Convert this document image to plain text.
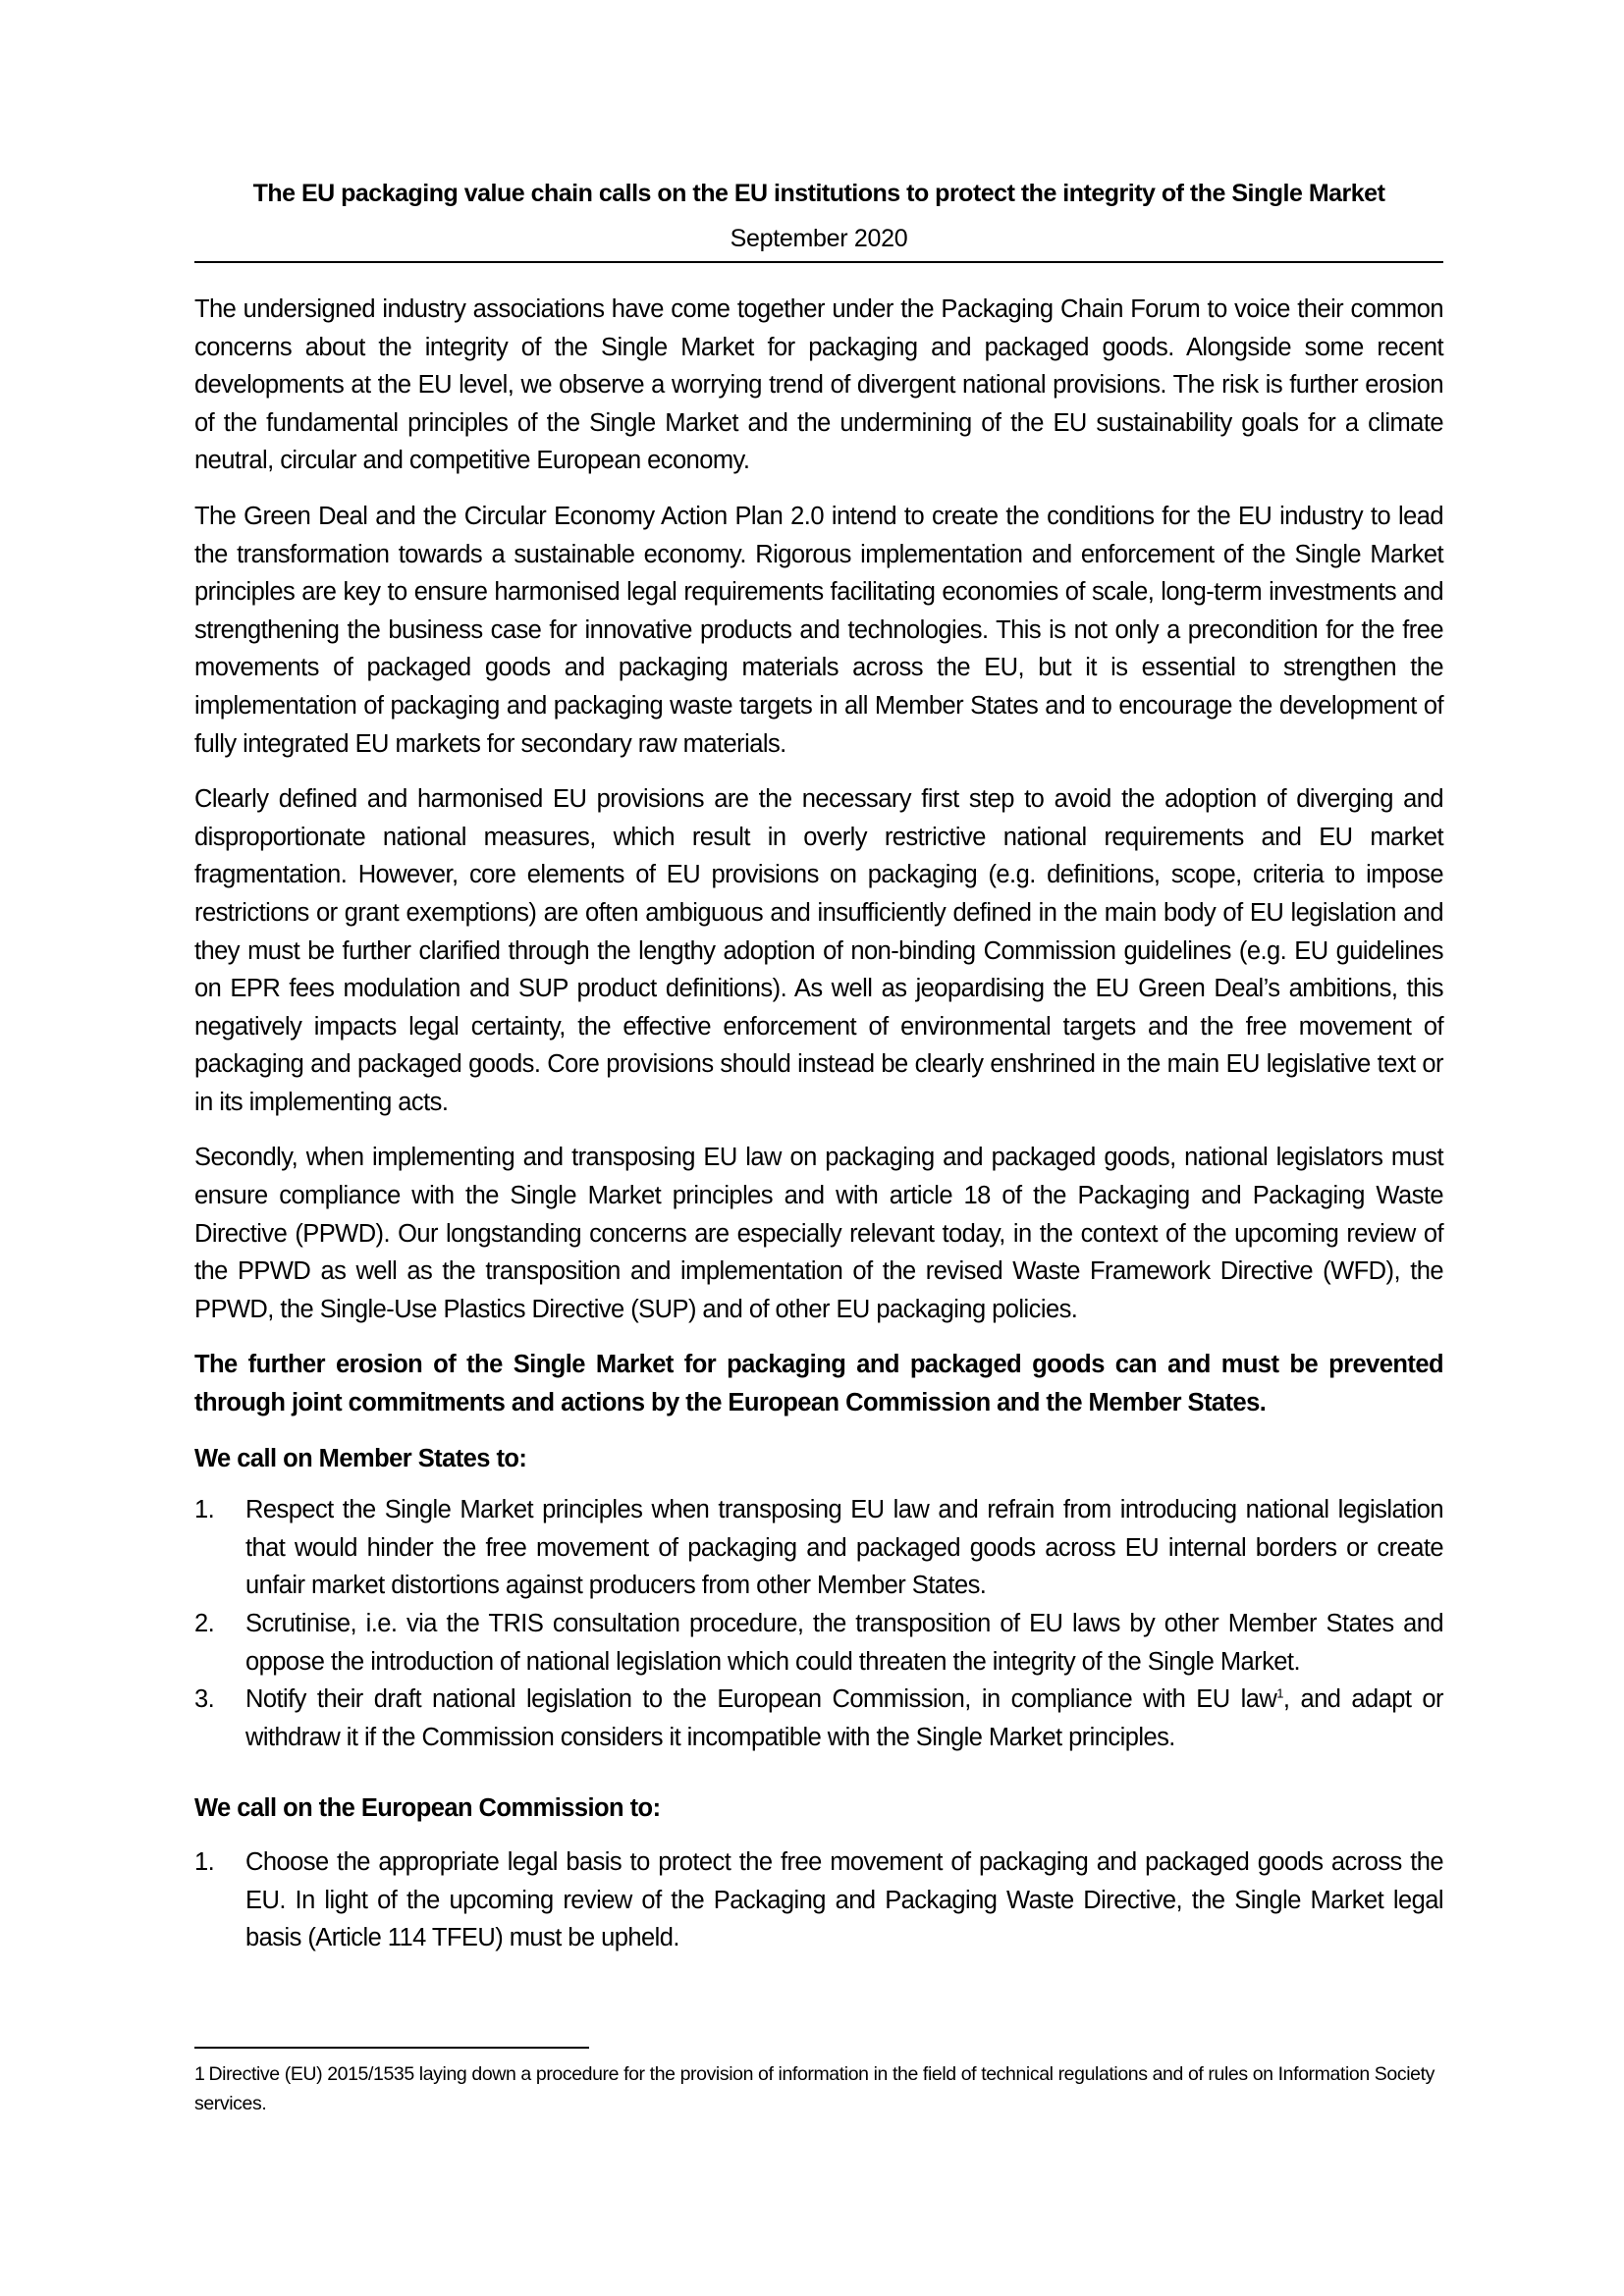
The EU packaging value chain calls on the EU institutions to protect the integrity of the Single Market

September 2020

The undersigned industry associations have come together under the Packaging Chain Forum to voice their common concerns about the integrity of the Single Market for packaging and packaged goods. Alongside some recent developments at the EU level, we observe a worrying trend of divergent national provisions. The risk is further erosion of the fundamental principles of the Single Market and the undermining of the EU sustainability goals for a climate neutral, circular and competitive European economy.

The Green Deal and the Circular Economy Action Plan 2.0 intend to create the conditions for the EU industry to lead the transformation towards a sustainable economy. Rigorous implementation and enforcement of the Single Market principles are key to ensure harmonised legal requirements facilitating economies of scale, long-term investments and strengthening the business case for innovative products and technologies. This is not only a precondition for the free movements of packaged goods and packaging materials across the EU, but it is essential to strengthen the implementation of packaging and packaging waste targets in all Member States and to encourage the development of fully integrated EU markets for secondary raw materials.

Clearly defined and harmonised EU provisions are the necessary first step to avoid the adoption of diverging and disproportionate national measures, which result in overly restrictive national requirements and EU market fragmentation. However, core elements of EU provisions on packaging (e.g. definitions, scope, criteria to impose restrictions or grant exemptions) are often ambiguous and insufficiently defined in the main body of EU legislation and they must be further clarified through the lengthy adoption of non-binding Commission guidelines (e.g. EU guidelines on EPR fees modulation and SUP product definitions). As well as jeopardising the EU Green Deal’s ambitions, this negatively impacts legal certainty, the effective enforcement of environmental targets and the free movement of packaging and packaged goods. Core provisions should instead be clearly enshrined in the main EU legislative text or in its implementing acts.

Secondly, when implementing and transposing EU law on packaging and packaged goods, national legislators must ensure compliance with the Single Market principles and with article 18 of the Packaging and Packaging Waste Directive (PPWD). Our longstanding concerns are especially relevant today, in the context of the upcoming review of the PPWD as well as the transposition and implementation of the revised Waste Framework Directive (WFD), the PPWD, the Single-Use Plastics Directive (SUP) and of other EU packaging policies.

The further erosion of the Single Market for packaging and packaged goods can and must be prevented through joint commitments and actions by the European Commission and the Member States.

We call on Member States to:

1. Respect the Single Market principles when transposing EU law and refrain from introducing national legislation that would hinder the free movement of packaging and packaged goods across EU internal borders or create unfair market distortions against producers from other Member States.
2. Scrutinise, i.e. via the TRIS consultation procedure, the transposition of EU laws by other Member States and oppose the introduction of national legislation which could threaten the integrity of the Single Market.
3. Notify their draft national legislation to the European Commission, in compliance with EU law$^1$, and adapt or withdraw it if the Commission considers it incompatible with the Single Market principles.

We call on the European Commission to:

1. Choose the appropriate legal basis to protect the free movement of packaging and packaged goods across the EU. In light of the upcoming review of the Packaging and Packaging Waste Directive, the Single Market legal basis (Article 114 TFEU) must be upheld.
1 Directive (EU) 2015/1535 laying down a procedure for the provision of information in the field of technical regulations and of rules on Information Society services.
